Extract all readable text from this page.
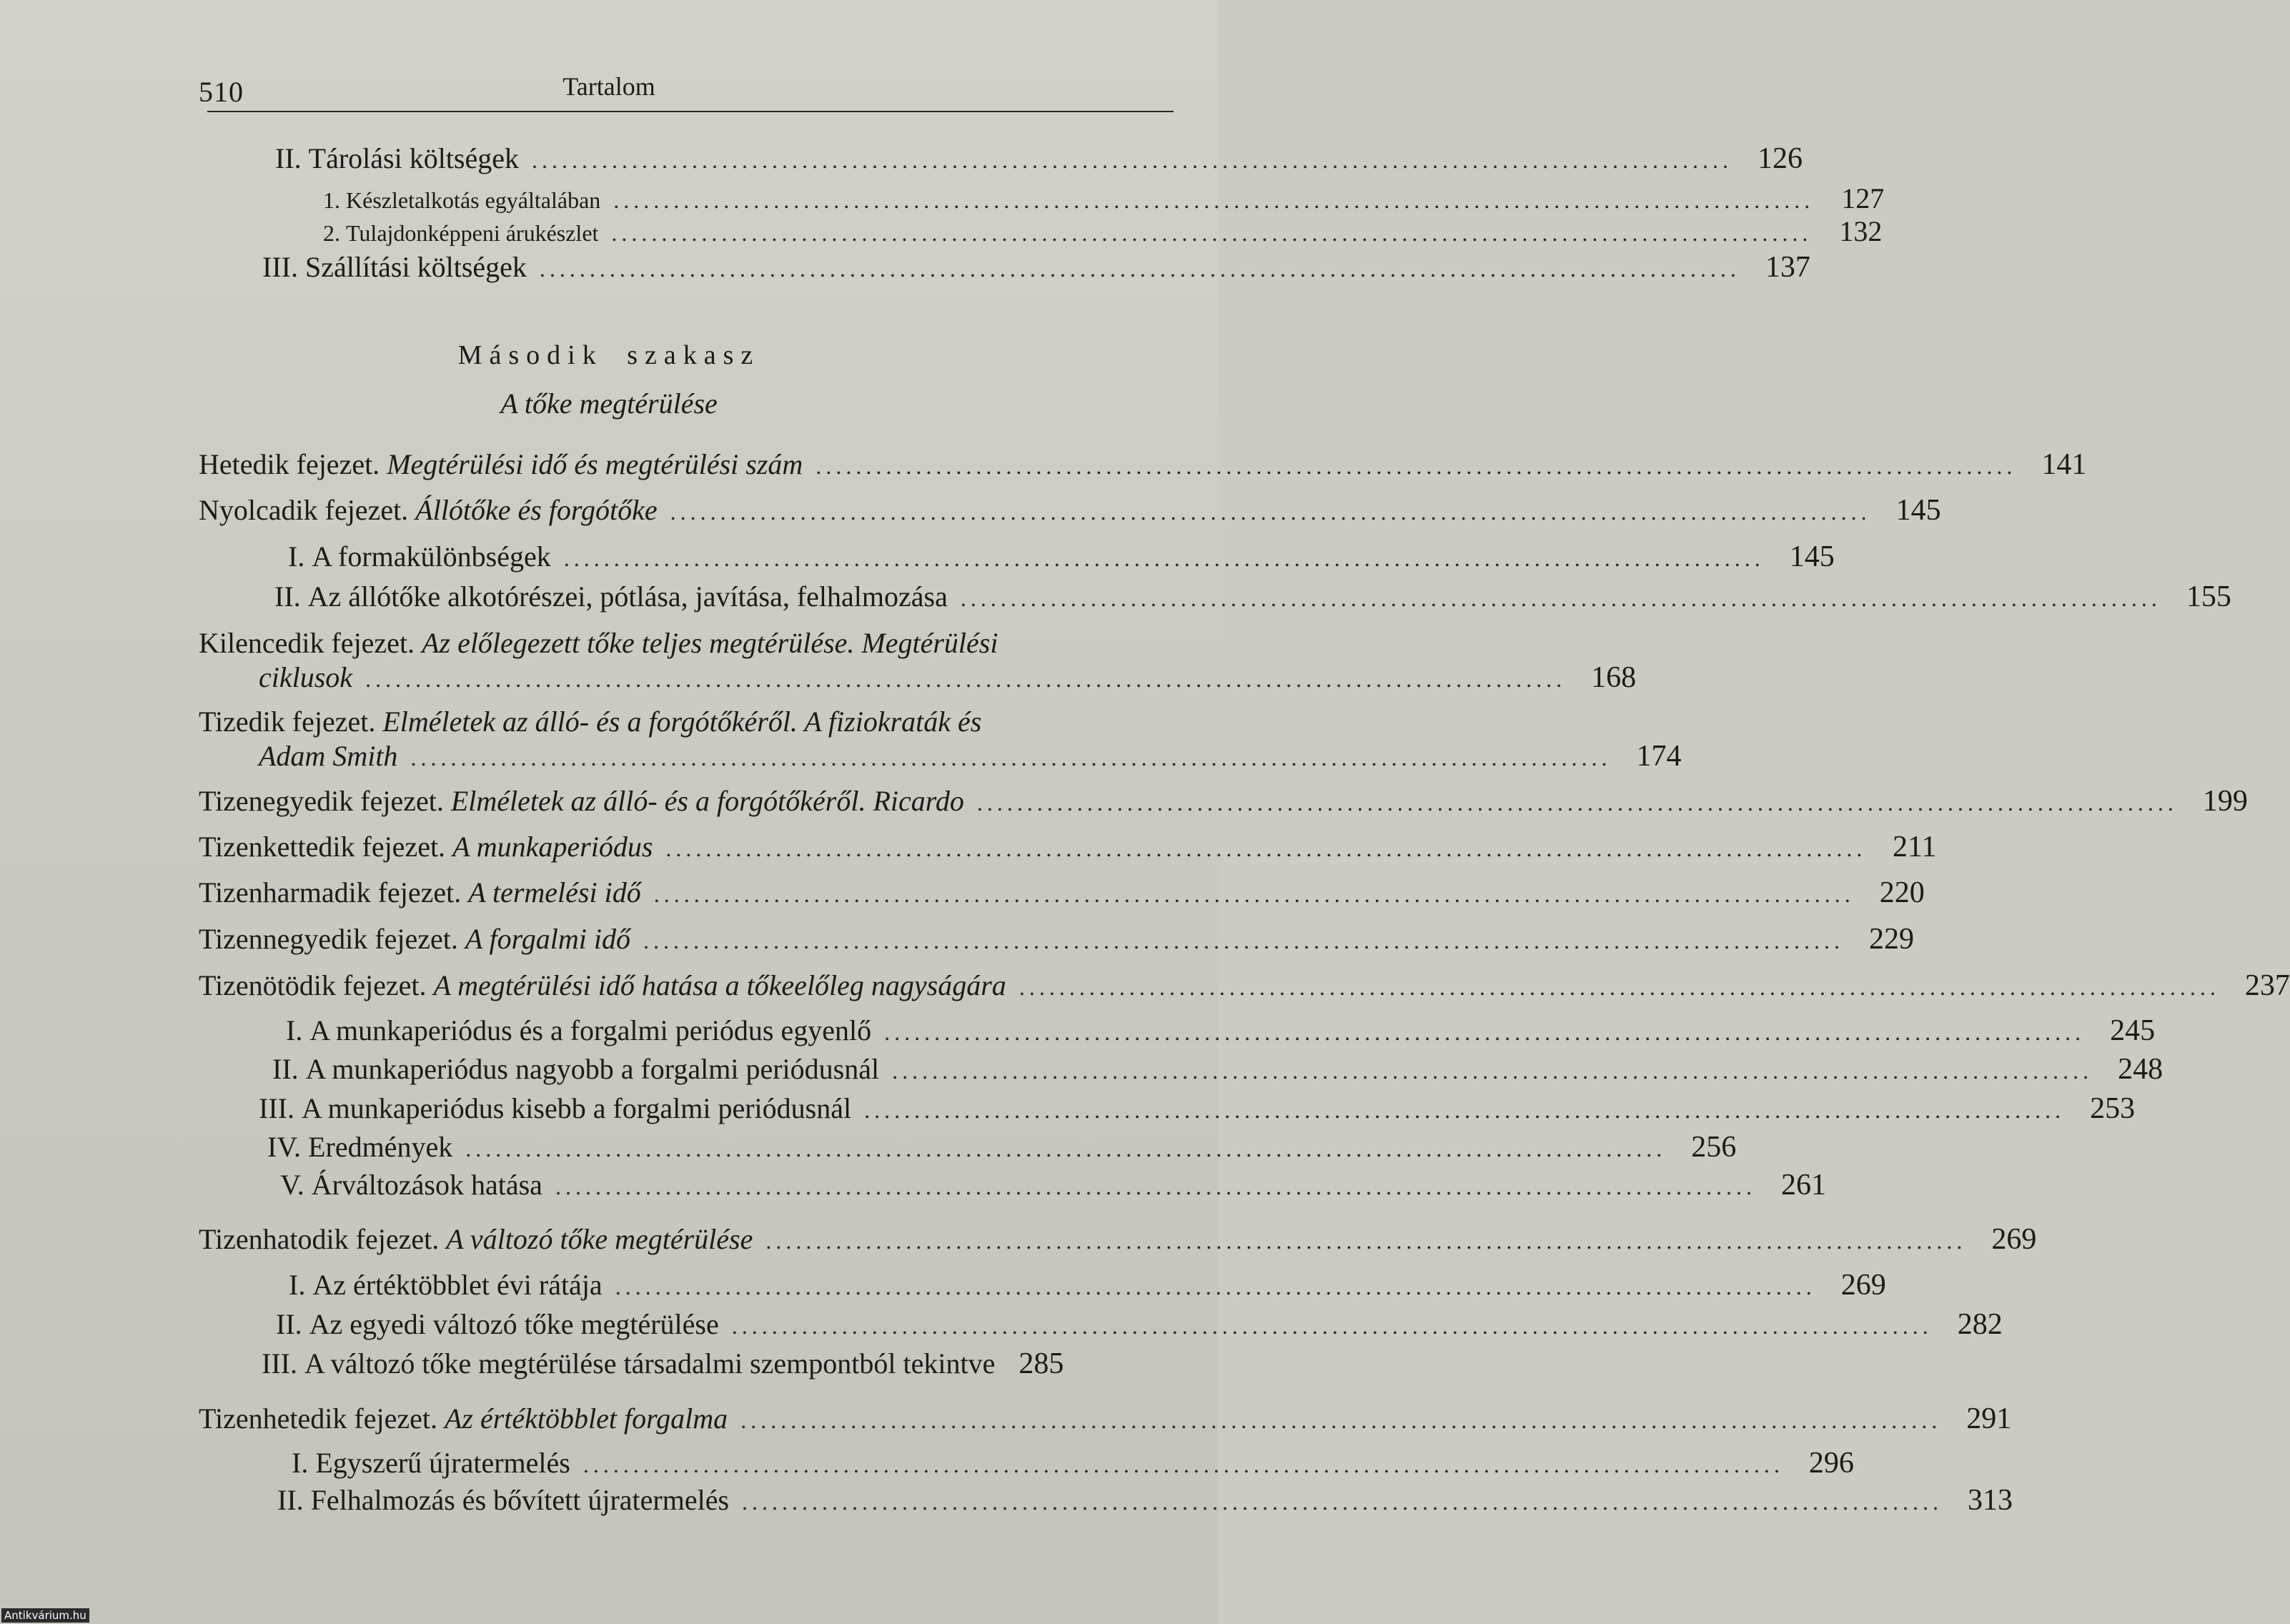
510	Tartalom
II.
Tárolási költségek ........................................................................................................................ 126
1.
Készletalkotás egyáltalában ........................................................................................................................ 127
2.
Tulajdonképpeni árukészlet ........................................................................................................................ 132
III.
Szállítási költségek ........................................................................................................................ 137
Második szakasz
A tőke megtérülése
Hetedik fejezet.
Megtérülési idő és megtérülési szám ........................................................................................................................ 141
Nyolcadik fejezet.
Állótőke és forgótőke ........................................................................................................................ 145
I.
A formakülönbségek ........................................................................................................................ 145
II.
Az állótőke alkotórészei, pótlása, javítása, felhalmozása ........................................................................................................................ 155
Kilencedik fejezet.
Az előlegezett tőke teljes megtérülése. Megtérülési
ciklusok ........................................................................................................................ 168
Tizedik fejezet.
Elméletek az álló- és a forgótőkéről. A fiziokraták és
Adam Smith ........................................................................................................................ 174
Tizenegyedik fejezet.
Elméletek az álló- és a forgótőkéről. Ricardo ........................................................................................................................ 199
Tizenkettedik fejezet.
A munkaperiódus ........................................................................................................................ 211
Tizenharmadik fejezet.
A termelési idő ........................................................................................................................ 220
Tizennegyedik fejezet.
A forgalmi idő ........................................................................................................................ 229
Tizenötödik fejezet.
A megtérülési idő hatása a tőkeelőleg nagyságára ........................................................................................................................ 237
I.
A munkaperiódus és a forgalmi periódus egyenlő ........................................................................................................................ 245
II.
A munkaperiódus nagyobb a forgalmi periódusnál ........................................................................................................................ 248
III.
A munkaperiódus kisebb a forgalmi periódusnál ........................................................................................................................ 253
IV.
Eredmények ........................................................................................................................ 256
V.
Árváltozások hatása ........................................................................................................................ 261
Tizenhatodik fejezet.
A változó tőke megtérülése ........................................................................................................................ 269
I.
Az értéktöbblet évi rátája ........................................................................................................................ 269
II.
Az egyedi változó tőke megtérülése ........................................................................................................................ 282
III.
A változó tőke megtérülése társadalmi szempontból tekintve 285
Tizenhetedik fejezet.
Az értéktöbblet forgalma ........................................................................................................................ 291
I.
Egyszerű újratermelés ........................................................................................................................ 296
II.
Felhalmozás és bővített újratermelés ........................................................................................................................ 313
Antikvárium.hu
